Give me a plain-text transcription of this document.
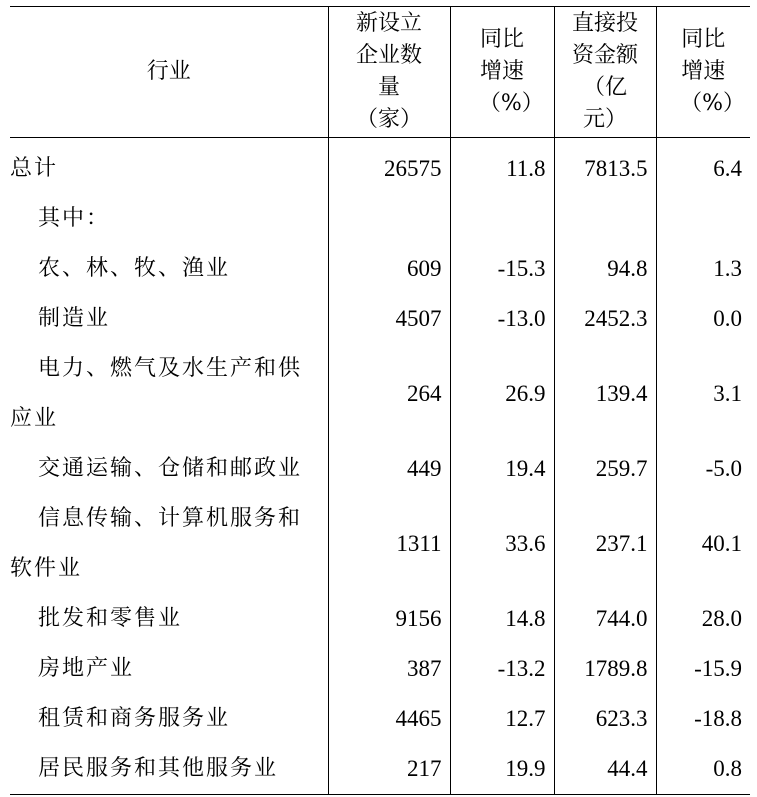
行业	新设立企业数量（家）	同比增速（%）	直接投资金额（亿元）	同比增速（%）

总计	26575	11.8	7813.5	6.4
其中：				
农、林、牧、渔业	609	-15.3	94.8	1.3
制造业	4507	-13.0	2452.3	0.0

电力、燃气及水生产和供
应业	264	26.9	139.4	3.1
交通运输、仓储和邮政业	449	19.4	259.7	-5.0

信息传输、计算机服务和
软件业	1311	33.6	237.1	40.1
批发和零售业	9156	14.8	744.0	28.0
房地产业	387	-13.2	1789.8	-15.9
租赁和商务服务业	4465	12.7	623.3	-18.8
居民服务和其他服务业	217	19.9	44.4	0.8
